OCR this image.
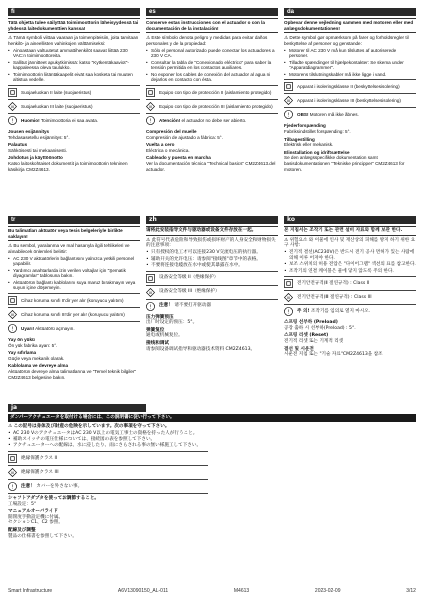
fi
Tätä ohjetta tulee säilyttää toimimoottorin läheisyydessä tai yhdessä laitedokumenttien kanssa!
⚠ Tämä symboli viittaa vaaraan ja toimenpiteisiin, joita tarvitaan henkilö- ja aineellisten vahinkojen välttämiseksi:
• Ainoastaan valtuutetut ammattihenkilöt saavat liittää 230 VAC:n toimimoottoreita.
• Sallitut jännitteet apukytkimissä: katso "Kytkentäkaaviot"-kappaleessa oleva taulukko.
• Toimimoottorin liitäntäkaapelit eivät saa kosketa tai muuten altistua vedelle.
Suojaeluokan II laite (suojaeristus)
III Suojaeluokan III laite (suojaeristus)
! Huomio! Toimimoottoria ei saa avata.
Jousen esijännitys
Tehdasasetellu esijännitys: 5°.
Palautus
Sähköisesti tai mekaanisesti.
Johdotus ja käyttöönotto
Katso laitoskohtaiset dokumentit ja toimimoottorin tekninen käsikirja CM2Z4613.
es
Conserve estas instrucciones con el actuador o con la documentación de la instalación!
⚠ Este símbolo denota peligro y medidas para evitar daños personales y de la propiedad:
• Sólo el personal autorizado puede conectar los actuadores a 230 V CA.
• Consultar la tabla de "Conexionado eléctrico" para saber la tensión permitida en los contactos auxiliares.
• No exponer los cables de conexión del actuador al agua ni dejarlos en contacto con ésta.
Equipo con tipo de protección II (aislamiento protegido)
III Equipo con tipo de protección III (aislamiento protegido)
! Atención! el actuador no debe ser abierto.
Compresión del muelle
Compresión de ajustado a fábrica: 5°.
Vuelta a cero
Eléctrica o mecánica.
Cableado y puesta en marcha
Ver la documentación técnica "Technical basics" CM2Z4613.del actuador.
da
Opbevar denne vejledning sammen med motoren eller med anlægsdokumentationen!
⚠ Dette symbol gør opmærksom på farer og forholdsregler til beskyttelse af personer og genstande:
• Motorer til AC 230 V må kun tilsluttes af autoriserede personer.
• Tilladte spændinger til hjælpekontakter: Se skema under "Apparatdiagrammer".
• Motorens tilslutningskabler må ikke ligge i vand.
Apparat i isoleringsklasse II (beskyttelsesisolering)
III Apparat i isoleringsklasse III (beskyttelsesisolering)
! OBS! Motoren må ikke åbnes.
Fjederforspænding
Fabriksindstillet forspænding: 5°.
Tilbagestilling
Elektrisk eller mekanisk.
Elinstallation og idriftsættelse
Se den anlægsspecifikke dokumentation samt basisdokumentationen "Tekniske principper" CM2Z4613 for motoren.
tr
Bu talimatları aktüatör veya tesis belgeleriyle birlikte saklayın!
⚠ Bu sembol, yaralanma ve mal hasarıyla ilgili tehlikeleri ve alınabilecek önlemleri belirtir:
• AC 230 V aktüatörlerin bağlantısını yalnızca yetkili personel yapabilir.
• Yardımcı anahtarlarda izin verilen voltajlar için "Şematik diyagramlar" tablosuna bakın.
• Aktüatörün bağlantı kablolarını suya maruz bırakmayın veya suyun içine döşemeyin.
Cihaz koruma sınıfı II'dir yer alır (koruyucu yalıtım)
III Cihaz koruma sınıfı III'dir yer alır (koruyucu yalıtım)
! Uyarı! Aktüatörü açmayın.
Yay ön yükü
Ön yük fabrika ayarı: 5°.
Yay sıfırlama
Güçle veya mekanik olarak.
Kablolama ve devreye alma
Aktüatörün devreye alma talimatlarına ve "Temel teknik bilgiler" CM2Z4613 belgesine bakın.
zh
请将此安装指导文件与驱动器或设备文件存放在一起。
⚠ 此符号代表危险和导致损伤或损坏财产的人身安全和财物损失的注意事项：
• 只有授权的电工才可以连接230 V交流电压的执行器。
• 辅助开关的允许电压：请参阅"接线图"章节中的表格。
• 不要将连接电缆放在水中或使其暴露在水中。
设备安全等级 II（绝缘保护）
III 设备安全等级 III（绝缘保护）
! 注意！ 请不要打开驱动器
压力弹簧预压
出厂时设定的预压：5°。
弹簧复位
通电或机械复位。
接线和调试
请参阅设备调试指导和驱动器技术资料 CM2Z4613。
ko
본 지침서는 조작기 또는 관련 설비 자료와 함께 보관 한다.
⚠ 위험요소 와 이물에 인사 및 재산상의 피해를 방지 하기 위한 요구 사항:
• 전기적 결선(AC230V)은 반드시 전기 공사 면허가 있는 사람에 의해 이루 어져야 한다.
• 보조 스위치의 허용 전압은 "다이어그램" 섹션의 표를 참고한다.
• 조작기의 연결 케이블은 물에 닿지 않도록 주의 한다.
전기안전규격(Ⅱ 절연규격) : Class II
III 전기안전규격(Ⅲ 절연규격) : Class III
! 주 의! 조작기를 임의로 열지 마시오.
스프링 선부하 (Preload)
공장 출하 시 선부하(Preload) : 5°.
스프링 리셋 (Reset)
전기적 리셋 또는 기계적 리셋
결선 및 시운전
시운전 지침 또는 "기술 자료"CM2Z4613을 참조
ja
ダンパーアクチュエータを取付ける場合には、この説明書に従い行って下さい。
⚠ この記号は身体及び財産の危険を示しています。次の事項を守って下さい。
• AC 230 VのアクチュエータはAC 230 V以上の電気工事士の資格を持った人が行うこと。
• 補助スイッチの電圧仕様については、接続図の表を参照して下さい。
• アクチュエーターへの配線は、水に浸したり、雨にさらされる事の無い様施工して下さい。
絶縁保護クラス II
III 絶縁保護クラス III
! 注意！ カバーを外さない事。
シャフトアダプタを使ってお調節すること。
工場設定：5°
マニュアルオーバライド
開閉度手動設定機に付属。
セクションC1、C2 参照。
配線及び調整
製品の仕様書を参照して下さい。
Smart Infrastructure	A6V13090150_AL-011	M4613	2023-02-09	3/12
